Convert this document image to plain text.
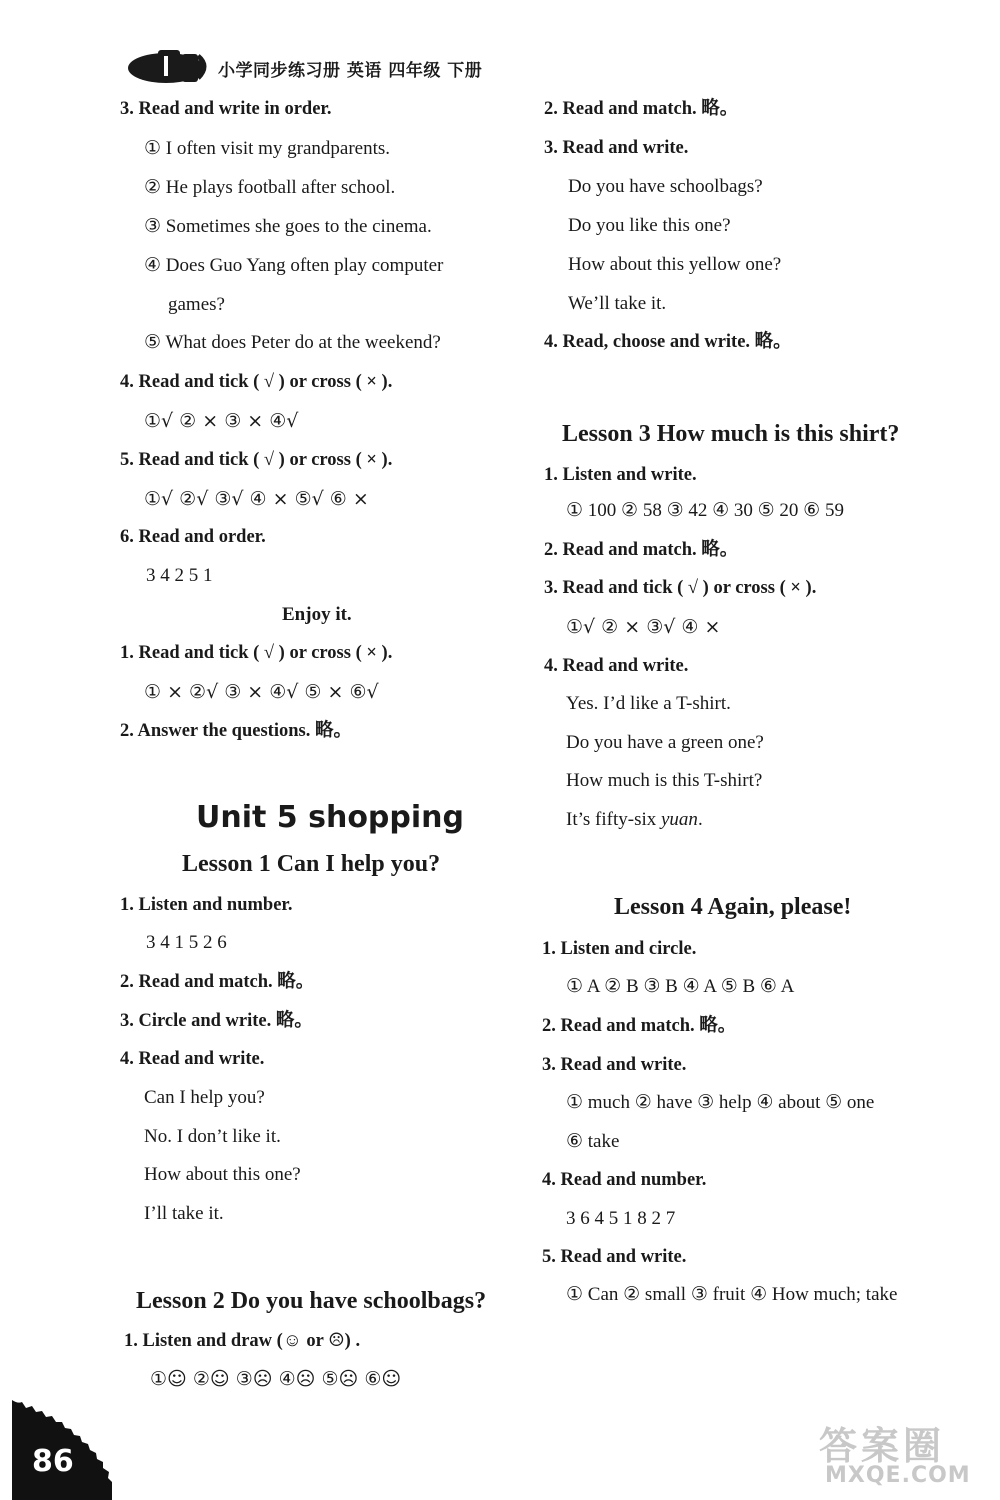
小学同步练习册 英语 四年级 下册
3. Read and write in order.
① I often visit my grandparents.
② He plays football after school.
③ Sometimes she goes to the cinema.
④ Does Guo Yang often play computer
games?
⑤ What does Peter do at the weekend?
4. Read and tick ( √ ) or cross ( × ).
①√ ② × ③ × ④√
5. Read and tick ( √ ) or cross ( × ).
①√ ②√ ③√ ④ × ⑤√ ⑥ ×
6. Read and order.
3 4 2 5 1
Enjoy it.
1. Read and tick ( √ ) or cross ( × ).
① × ②√ ③ × ④√ ⑤ × ⑥√
2. Answer the questions. 略。
Unit 5 shopping
Lesson 1 Can I help you?
1. Listen and number.
3 4 1 5 2 6
2. Read and match. 略。
3. Circle and write. 略。
4. Read and write.
Can I help you?
No. I don’t like it.
How about this one?
I’ll take it.
Lesson 2 Do you have schoolbags?
1. Listen and draw (☺ or ☹) .
①☺ ②☺ ③☹ ④☹ ⑤☹ ⑥☺
2. Read and match. 略。
3. Read and write.
Do you have schoolbags?
Do you like this one?
How about this yellow one?
We’ll take it.
4. Read, choose and write. 略。
Lesson 3 How much is this shirt?
1. Listen and write.
① 100 ② 58 ③ 42 ④ 30 ⑤ 20 ⑥ 59
2. Read and match. 略。
3. Read and tick ( √ ) or cross ( × ).
①√ ② × ③√ ④ ×
4. Read and write.
Yes. I’d like a T-shirt.
Do you have a green one?
How much is this T-shirt?
It’s fifty-six yuan.
Lesson 4 Again, please!
1. Listen and circle.
① A ② B ③ B ④ A ⑤ B ⑥ A
2. Read and match. 略。
3. Read and write.
① much ② have ③ help ④ about ⑤ one
⑥ take
4. Read and number.
3 6 4 5 1 8 2 7
5. Read and write.
① Can ② small ③ fruit ④ How much; take
86	答案圈
MXQE.COM
